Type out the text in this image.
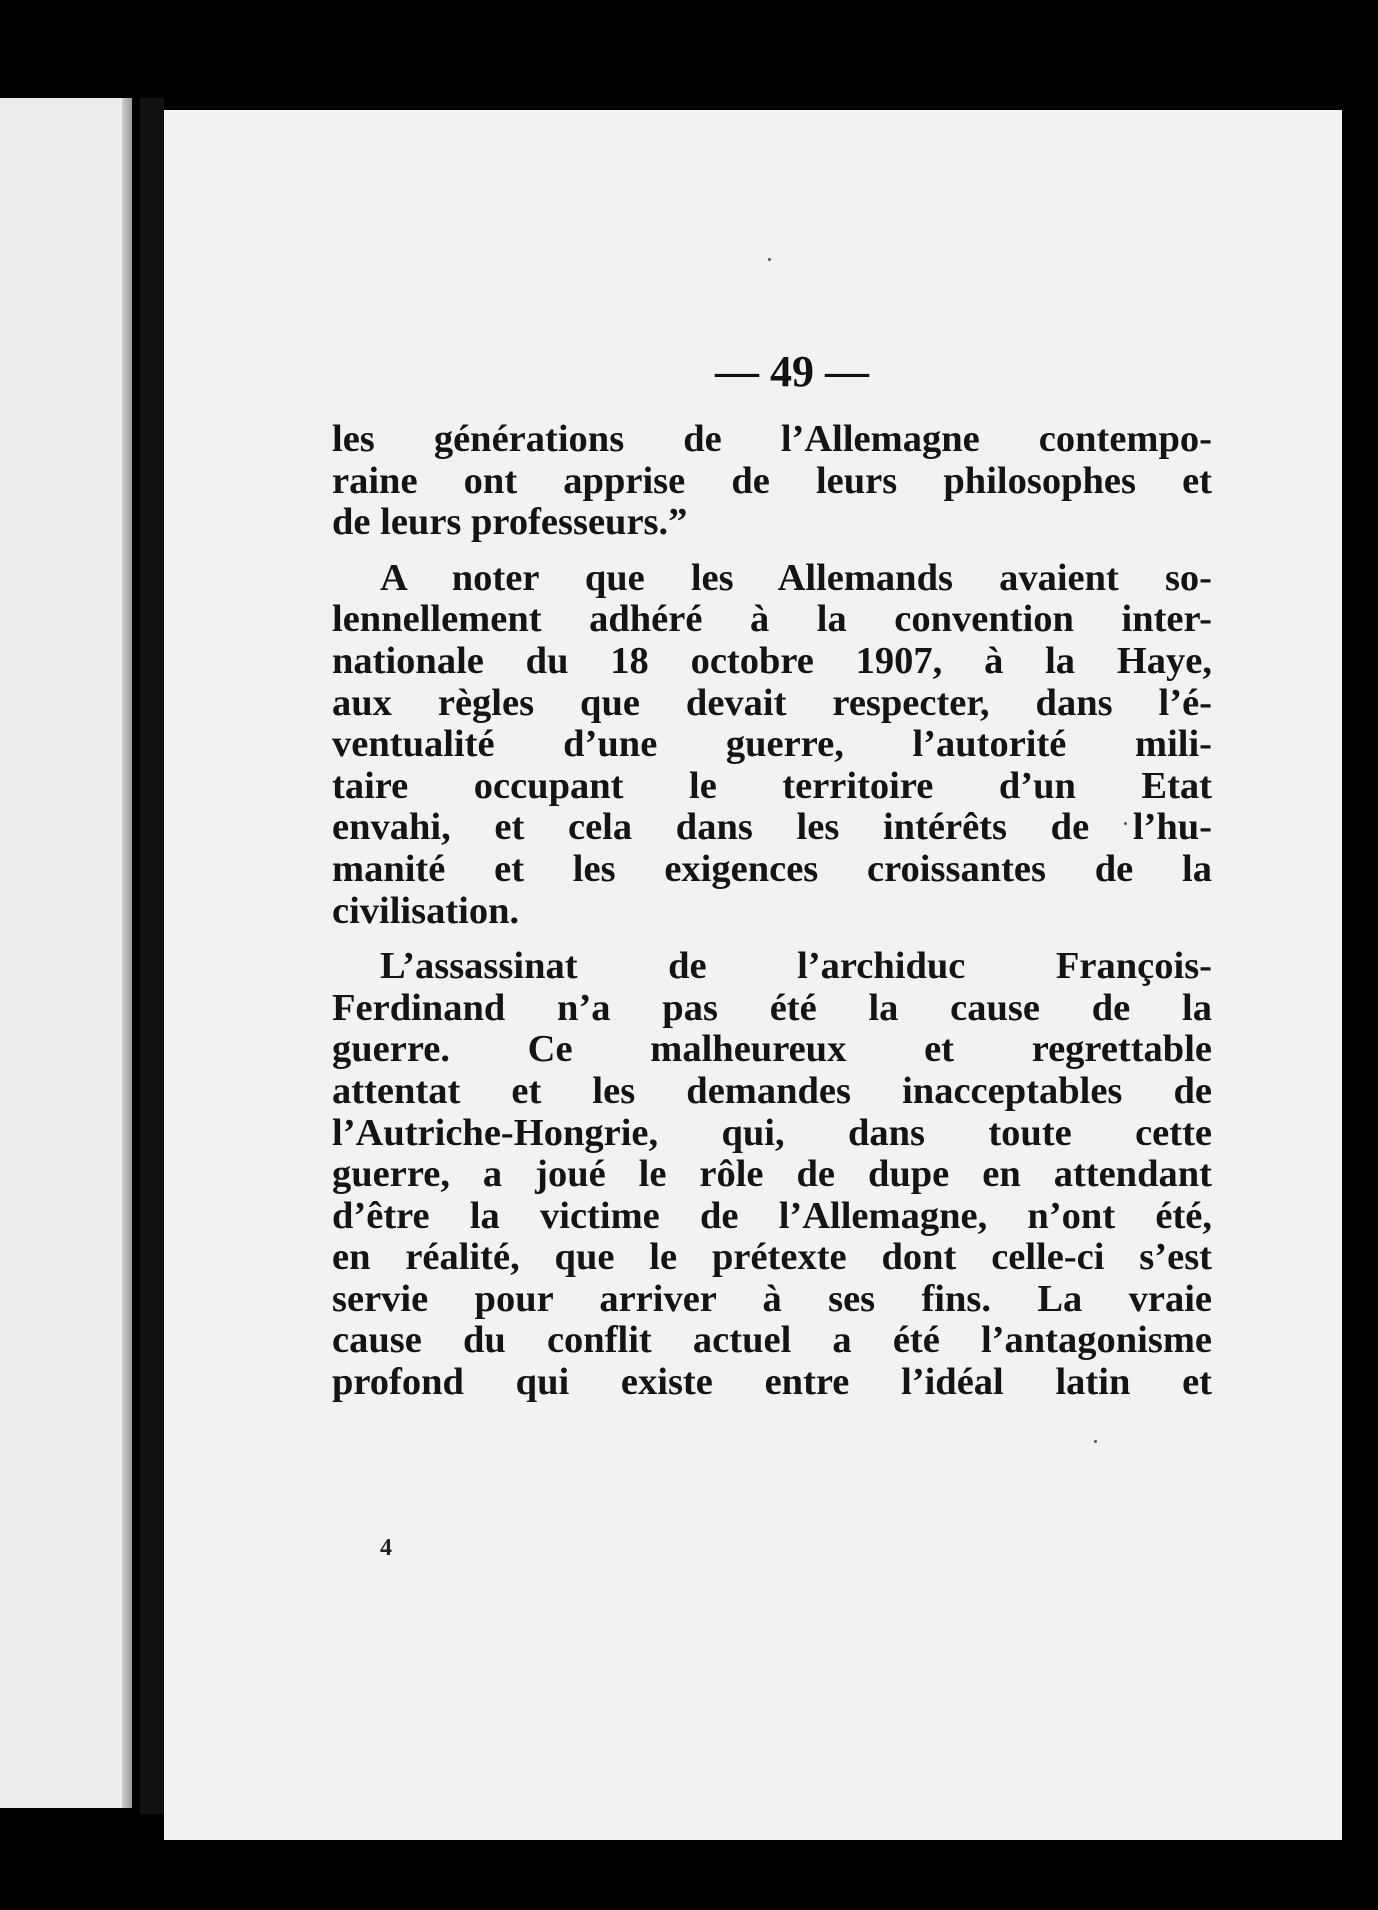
— 49 —

les générations de l’Allemagne contempo-
raine ont apprise de leurs philosophes et
de leurs professeurs.”

A noter que les Allemands avaient so-
lennellement adhéré à la convention inter-
nationale du 18 octobre 1907, à la Haye,
aux règles que devait respecter, dans l’é-
ventualité d’une guerre, l’autorité mili-
taire occupant le territoire d’un Etat
envahi, et cela dans les intérêts de l’hu-
manité et les exigences croissantes de la
civilisation.

L’assassinat de l’archiduc François-
Ferdinand n’a pas été la cause de la
guerre. Ce malheureux et regrettable
attentat et les demandes inacceptables de
l’Autriche-Hongrie, qui, dans toute cette
guerre, a joué le rôle de dupe en attendant
d’être la victime de l’Allemagne, n’ont été,
en réalité, que le prétexte dont celle-ci s’est
servie pour arriver à ses fins. La vraie
cause du conflit actuel a été l’antagonisme
profond qui existe entre l’idéal latin et

4
